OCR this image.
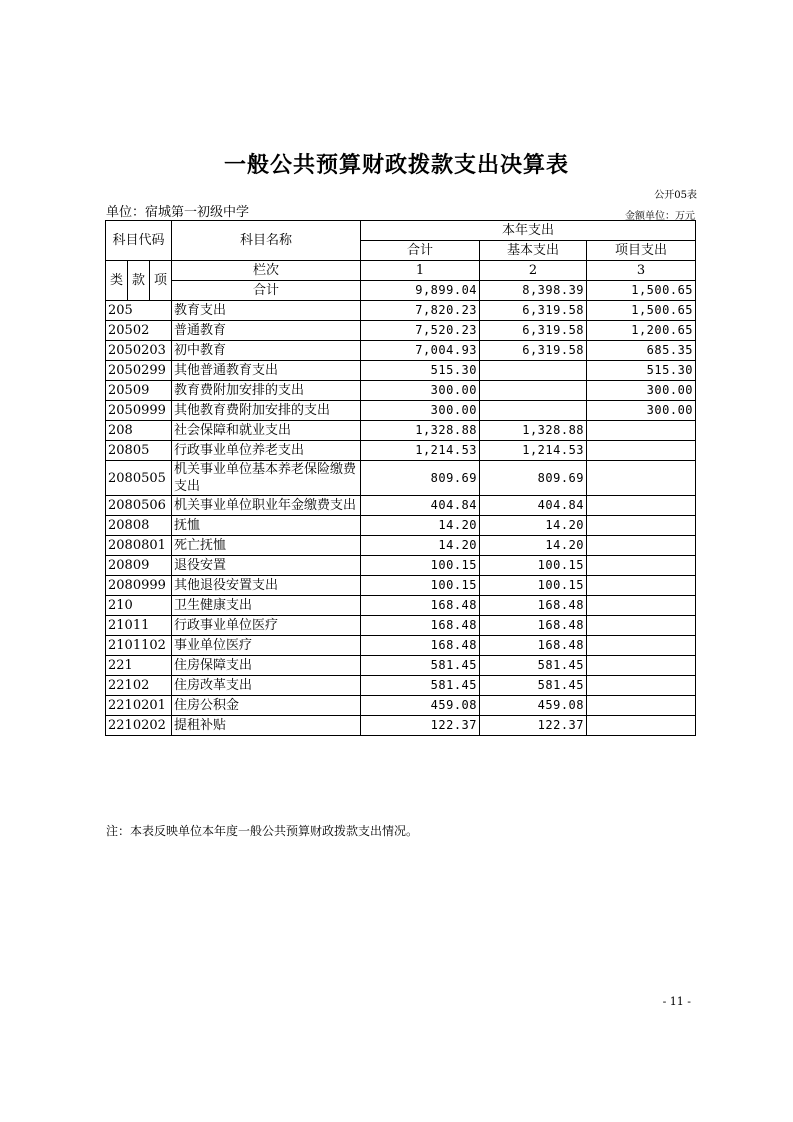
一般公共预算财政拨款支出决算表
公开05表
单位：宿城第一初级中学	金额单位：万元
科目代码			科目名称	本年支出		
				合计	基本支出	项目支出
类	款	项	栏次	1	2	3
			合计	9,899.04	8,398.39	1,500.65
205			教育支出	7,820.23	6,319.58	1,500.65
20502			普通教育	7,520.23	6,319.58	1,200.65
2050203			初中教育	7,004.93	6,319.58	685.35
2050299			其他普通教育支出	515.30		515.30
20509			教育费附加安排的支出	300.00		300.00
2050999			其他教育费附加安排的支出	300.00		300.00
208			社会保障和就业支出	1,328.88	1,328.88	
20805			行政事业单位养老支出	1,214.53	1,214.53	
2080505			机关事业单位基本养老保险缴费支出	809.69	809.69	
2080506			机关事业单位职业年金缴费支出	404.84	404.84	
20808			抚恤	14.20	14.20	
2080801			死亡抚恤	14.20	14.20	
20809			退役安置	100.15	100.15	
2080999			其他退役安置支出	100.15	100.15	
210			卫生健康支出	168.48	168.48	
21011			行政事业单位医疗	168.48	168.48	
2101102			事业单位医疗	168.48	168.48	
221			住房保障支出	581.45	581.45	
22102			住房改革支出	581.45	581.45	
2210201			住房公积金	459.08	459.08	
2210202			提租补贴	122.37	122.37	
注：本表反映单位本年度一般公共预算财政拨款支出情况。
- 11 -
